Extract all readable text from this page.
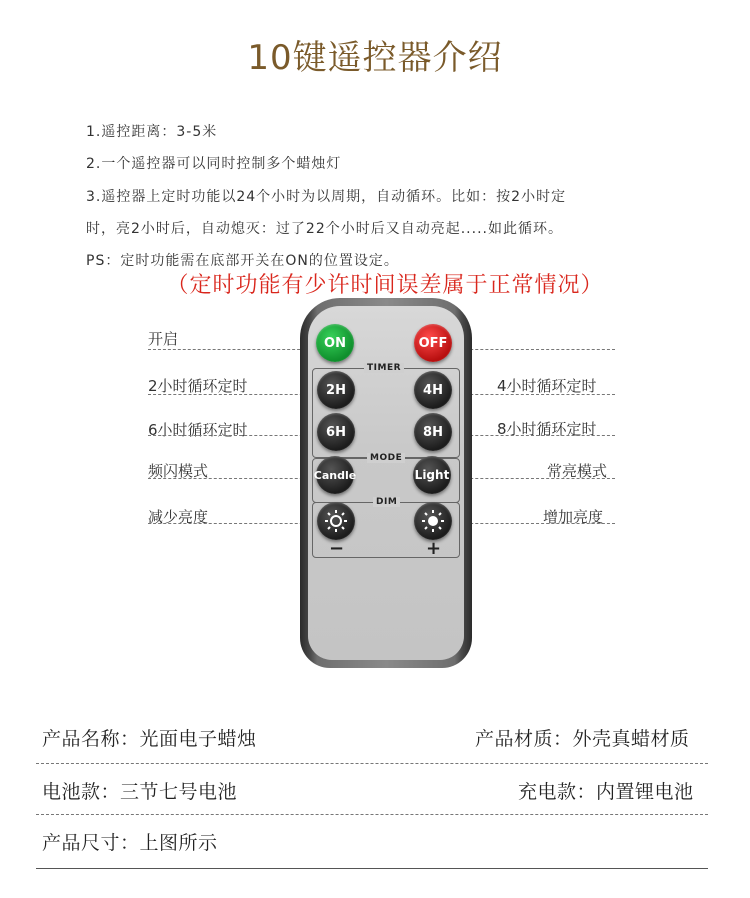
10键遥控器介绍
1.遥控距离：3-5米
2.一个遥控器可以同时控制多个蜡烛灯
3.遥控器上定时功能以24个小时为以周期，自动循环。比如：按2小时定
时，亮2小时后，自动熄灭：过了22个小时后又自动亮起.....如此循环。
PS：定时功能需在底部开关在ON的位置设定。
（定时功能有少许时间误差属于正常情况）
开启
2小时循环定时
6小时循环定时
频闪模式
减少亮度
4小时循环定时
8小时循环定时
常亮模式
增加亮度
ON	OFF
TIMER
2H	4H
6H	8H
MODE
Candle	Light
DIM
−	+
产品名称：光面电子蜡烛	产品材质：外壳真蜡材质
电池款：三节七号电池	充电款：内置锂电池
产品尺寸：上图所示
